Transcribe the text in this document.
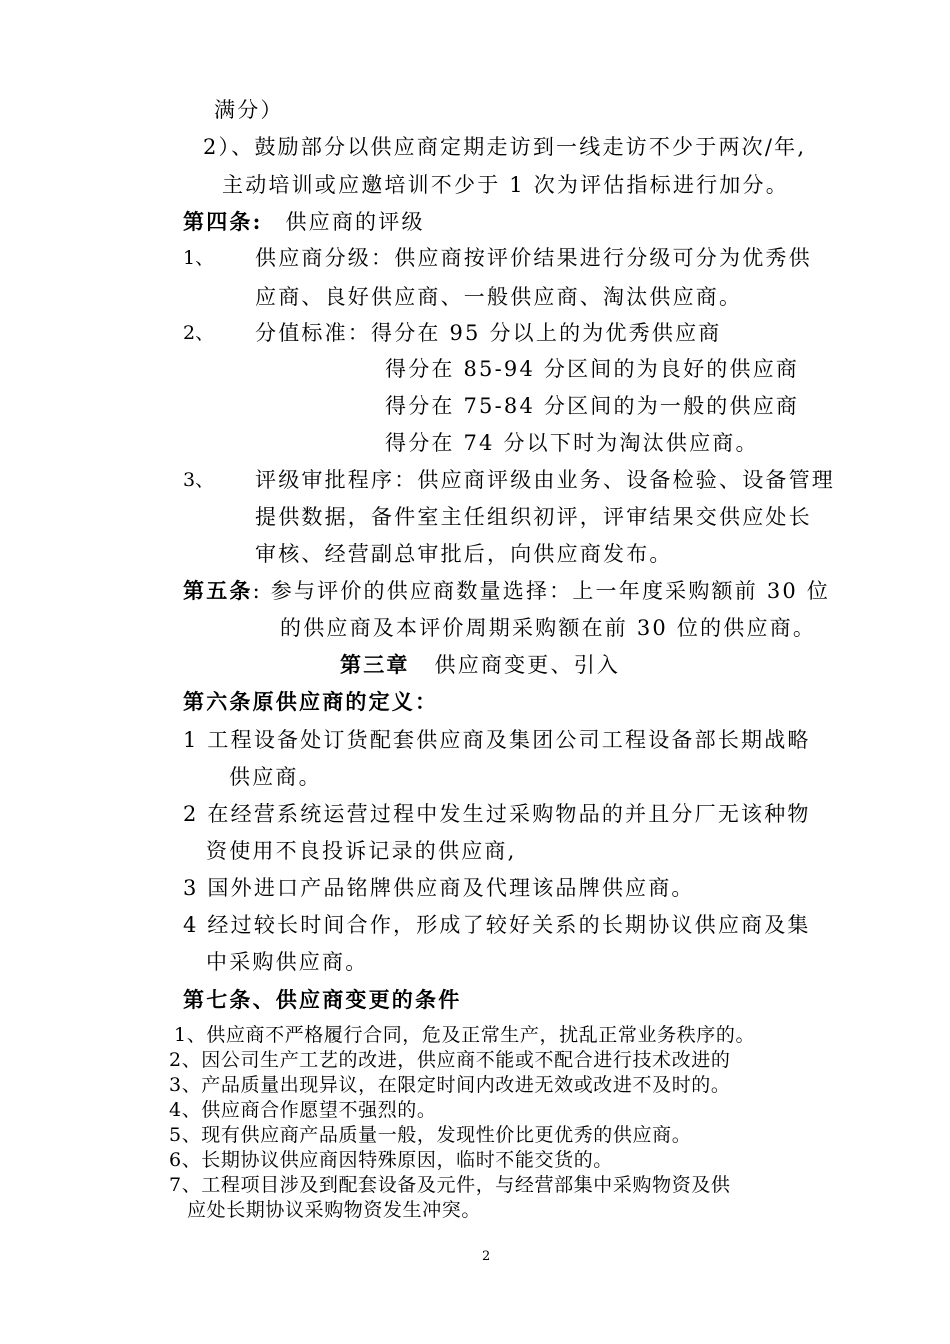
满分）
2）、鼓励部分以供应商定期走访到一线走访不少于两次/年,
主动培训或应邀培训不少于 1 次为评估指标进行加分。
第四条: 供应商的评级
1、 供应商分级：供应商按评价结果进行分级可分为优秀供
应商、良好供应商、一般供应商、淘汰供应商。
2、 分值标准：得分在 95 分以上的为优秀供应商
得分在 85-94 分区间的为良好的供应商
得分在 75-84 分区间的为一般的供应商
得分在 74 分以下时为淘汰供应商。
3、 评级审批程序：供应商评级由业务、设备检验、设备管理
提供数据，备件室主任组织初评，评审结果交供应处长
审核、经营副总审批后，向供应商发布。
第五条: 参与评价的供应商数量选择：上一年度采购额前 30 位
的供应商及本评价周期采购额在前 30 位的供应商。
第三章 供应商变更、引入
第六条原供应商的定义：
1 工程设备处订货配套供应商及集团公司工程设备部长期战略
供应商。
2 在经营系统运营过程中发生过采购物品的并且分厂无该种物
资使用不良投诉记录的供应商,
3 国外进口产品铭牌供应商及代理该品牌供应商。
4 经过较长时间合作，形成了较好关系的长期协议供应商及集
中采购供应商。
第七条、供应商变更的条件
1、供应商不严格履行合同，危及正常生产，扰乱正常业务秩序的。
2、因公司生产工艺的改进，供应商不能或不配合进行技术改进的
3、产品质量出现异议，在限定时间内改进无效或改进不及时的。
4、供应商合作愿望不强烈的。
5、现有供应商产品质量一般，发现性价比更优秀的供应商。
6、长期协议供应商因特殊原因，临时不能交货的。
7、工程项目涉及到配套设备及元件，与经营部集中采购物资及供
应处长期协议采购物资发生冲突。
2
